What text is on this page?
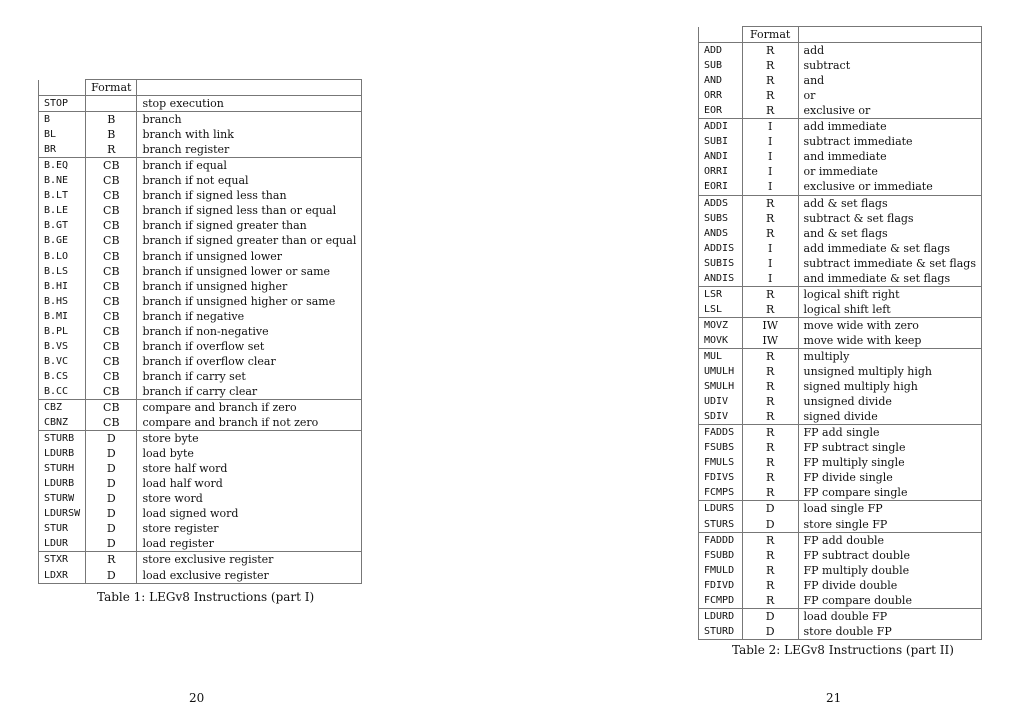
	Format	
STOP		stop execution
B	B	branch
BL	B	branch with link
BR	R	branch register
B.EQ	CB	branch if equal
B.NE	CB	branch if not equal
B.LT	CB	branch if signed less than
B.LE	CB	branch if signed less than or equal
B.GT	CB	branch if signed greater than
B.GE	CB	branch if signed greater than or equal
B.LO	CB	branch if unsigned lower
B.LS	CB	branch if unsigned lower or same
B.HI	CB	branch if unsigned higher
B.HS	CB	branch if unsigned higher or same
B.MI	CB	branch if negative
B.PL	CB	branch if non-negative
B.VS	CB	branch if overflow set
B.VC	CB	branch if overflow clear
B.CS	CB	branch if carry set
B.CC	CB	branch if carry clear
CBZ	CB	compare and branch if zero
CBNZ	CB	compare and branch if not zero
STURB	D	store byte
LDURB	D	load byte
STURH	D	store half word
LDURB	D	load half word
STURW	D	store word
LDURSW	D	load signed word
STUR	D	store register
LDUR	D	load register
STXR	R	store exclusive register
LDXR	D	load exclusive register
Table 1: LEGv8 Instructions (part I)
20
	Format	
ADD	R	add
SUB	R	subtract
AND	R	and
ORR	R	or
EOR	R	exclusive or
ADDI	I	add immediate
SUBI	I	subtract immediate
ANDI	I	and immediate
ORRI	I	or immediate
EORI	I	exclusive or immediate
ADDS	R	add & set flags
SUBS	R	subtract & set flags
ANDS	R	and & set flags
ADDIS	I	add immediate & set flags
SUBIS	I	subtract immediate & set flags
ANDIS	I	and immediate & set flags
LSR	R	logical shift right
LSL	R	logical shift left
MOVZ	IW	move wide with zero
MOVK	IW	move wide with keep
MUL	R	multiply
UMULH	R	unsigned multiply high
SMULH	R	signed multiply high
UDIV	R	unsigned divide
SDIV	R	signed divide
FADDS	R	FP add single
FSUBS	R	FP subtract single
FMULS	R	FP multiply single
FDIVS	R	FP divide single
FCMPS	R	FP compare single
LDURS	D	load single FP
STURS	D	store single FP
FADDD	R	FP add double
FSUBD	R	FP subtract double
FMULD	R	FP multiply double
FDIVD	R	FP divide double
FCMPD	R	FP compare double
LDURD	D	load double FP
STURD	D	store double FP
Table 2: LEGv8 Instructions (part II)
21
